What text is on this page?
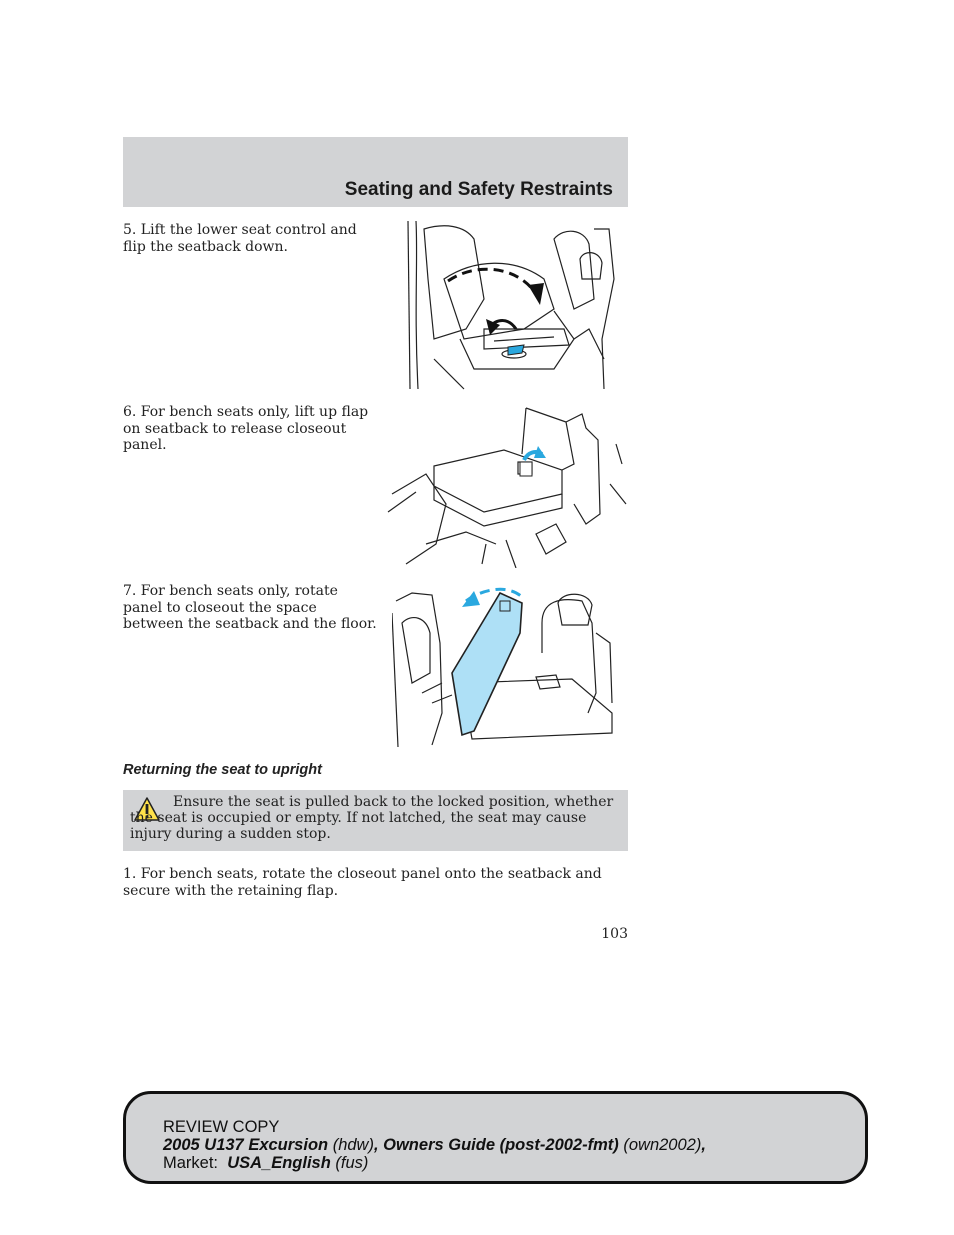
Seating and Safety Restraints
5. Lift the lower seat control and flip the seatback down.
6. For bench seats only, lift up flap on seatback to release closeout panel.
7. For bench seats only, rotate panel to closeout the space between the seatback and the floor.
Returning the seat to upright
Ensure the seat is pulled back to the locked position, whether the seat is occupied or empty. If not latched, the seat may cause injury during a sudden stop.
1. For bench seats, rotate the closeout panel onto the seatback and secure with the retaining flap.
103
REVIEW COPY
2005 U137 Excursion (hdw), Owners Guide (post-2002-fmt) (own2002),
Market: USA_English (fus)
